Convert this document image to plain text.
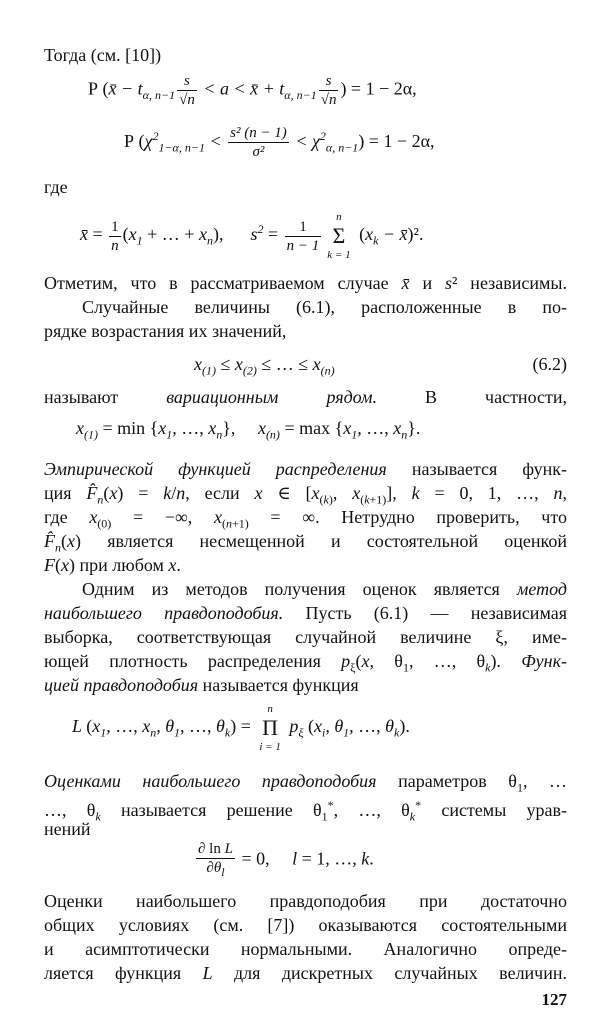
Тогда (см. [10])
P (x̄ − $t_{\alpha, n-1} \frac{s}{√n} < a$ < x̄ + $t_{\alpha, n-1} \frac{s}{√n}$ ) = 1 − 2α,
P $(\chi^2_{1-\alpha, n-1} < \frac{\text{s² (n − 1)}}{\text{σ²}} < \chi^2_{\alpha, n-1}) = 1 - 2\alpha$,
где
x̄ = $\frac{1}{n} (x_1$ + … + $x_n$),      $s^2 = \frac{1}{n - 1}$
n
Σ
k = 1
($x_k$ − x̄)².
Отметим, что в рассматриваемом случае x̄ и s² независимы.
Случайные величины (6.1), расположенные в по-
рядке возрастания их значений,
$x_{(1)} \le x_{(2)}$ ≤ … ≤ $x_{(n)}$	(6.2)
называют вариационным рядом. В частности,
$x_{(1)} = \min \{x_1$, …, $x_n$},     $x_{(n)} = \max \{x_1$, …, $x_n$}.
Эмпирической функцией распределения называется функ-
ция $F̂_n(x) = k/n$, если x ∈ [$x_{(k)}$, $x_{(k+1)}$], k = 0, 1, …, n,
где $x_{(0)}$ = −∞, $x_{(n+1)}$ = ∞. Нетрудно проверить, что
$F̂_n(x)$ является несмещенной и состоятельной оценкой
F(x) при любом x.
Одним из методов получения оценок является метод
наибольшего правдоподобия. Пусть (6.1) — независимая
выборка, соответствующая случайной величине ξ, име-
ющей плотность распределения $p_\xi(x$, $\theta_1$, …, $\theta_k$). Функ-
цией правдоподобия называется функция
L ($x_1$, …, $x_n$, $\theta_1$, …, $\theta_k$) =
n
Π
i = 1
$p_\xi$ ($x_i$, $\theta_1$, …, $\theta_k$).
Оценками наибольшего правдоподобия параметров $\theta_1$, …
…, $\theta_k$ называется решение $\theta_1^*$, …, $\theta_k^*$ системы урав-
нений
$\frac{\text{∂ ln L}}{\partial\theta_l} = 0$,     l = 1, …, k.
Оценки наибольшего правдоподобия при достаточно
общих условиях (см. [7]) оказываются состоятельными
и асимптотически нормальными. Аналогично опреде-
ляется функция L для дискретных случайных величин.
127
